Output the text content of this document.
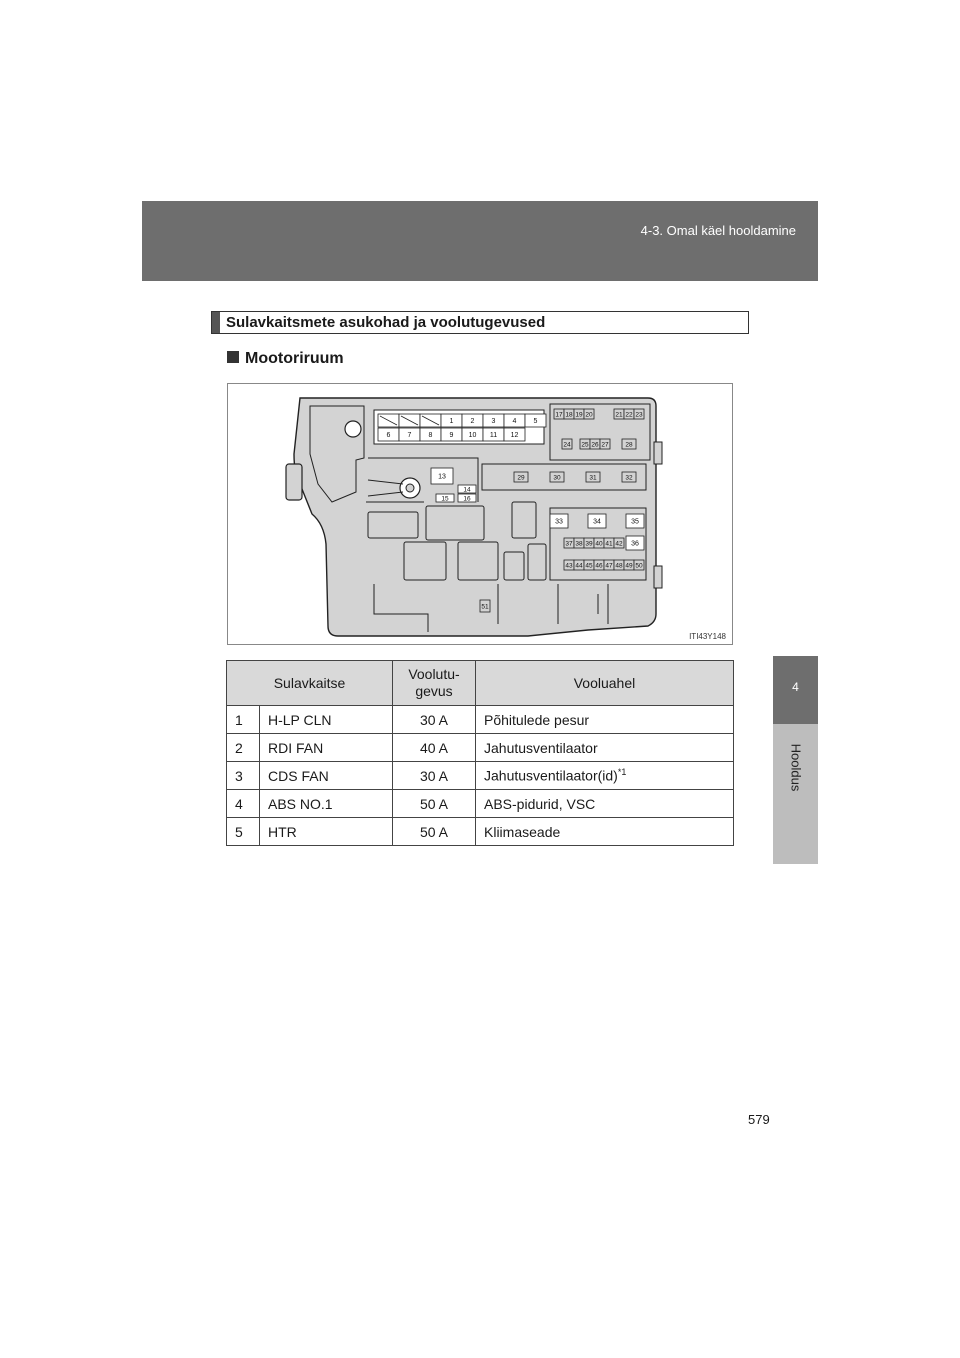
4-3. Omal käel hooldamine
4
Hooldus
Sulavkaitsmete asukohad ja voolutugevused
Mootoriruum
1 2 3 4 5
6 7 8 9 10 11 12
13
14
15 16
17 18 19 20	21 22 23
24 25 26 27	28
29	30	31	32
33	34	35
36
37 38 39 40 41 42
43 44 45 46 47 48 49 50
51
ITI43Y148
Sulavkaitse		Voolutu-
gevus	Vooluahel
1	H-LP CLN	30 A	Põhitulede pesur
2	RDI FAN	40 A	Jahutusventilaator
3	CDS FAN	30 A	Jahutusventilaator(id)$^{*1}$
4	ABS NO.1	50 A	ABS-pidurid, VSC
5	HTR	50 A	Kliimaseade
579
